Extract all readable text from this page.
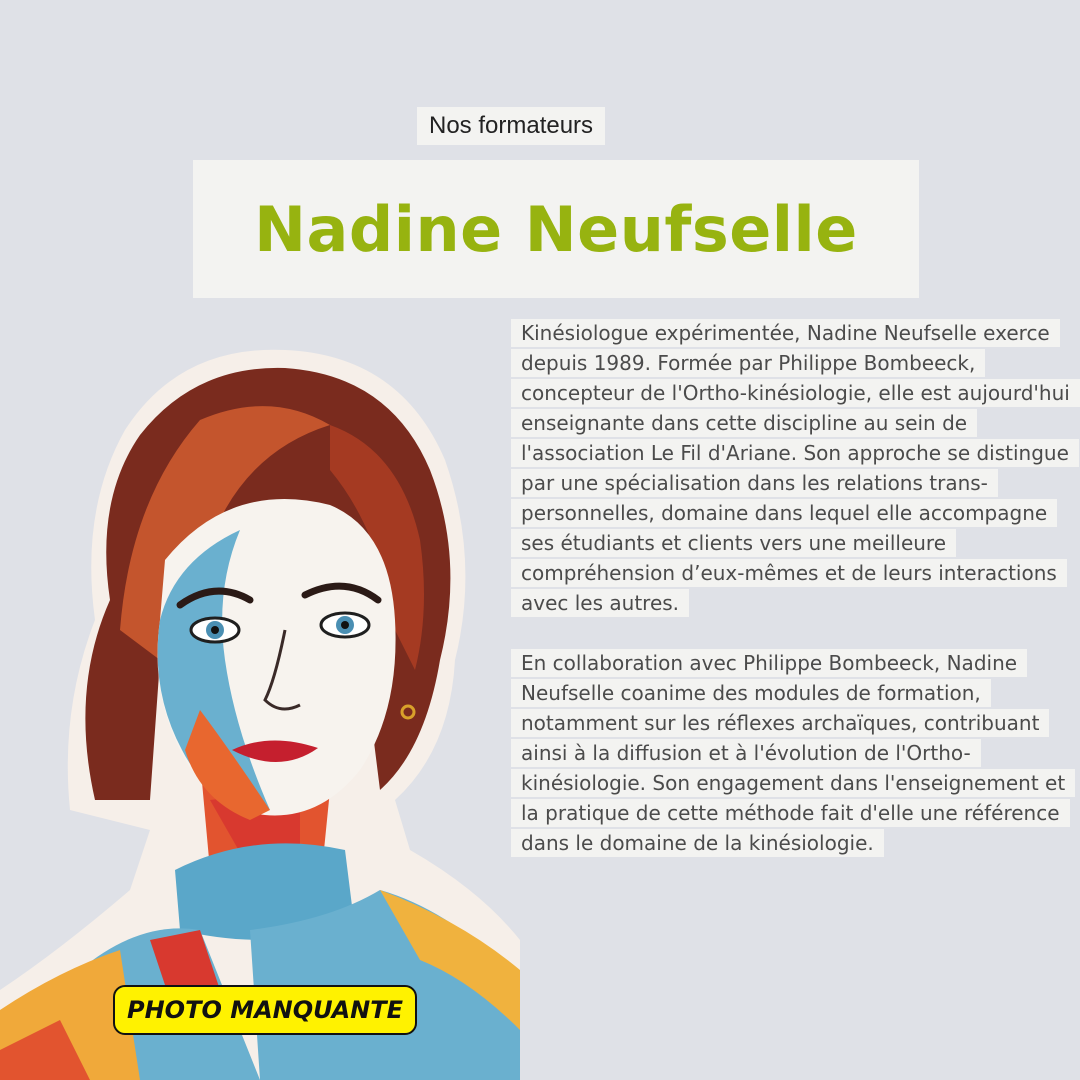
Nos formateurs
Nadine Neufselle
PHOTO MANQUANTE

Kinésiologue expérimentée, Nadine Neufselle exerce depuis 1989. Formée par Philippe Bombeeck, concepteur de l'Ortho-kinésiologie, elle est aujourd'hui enseignante dans cette discipline au sein de l'association Le Fil d'Ariane. Son approche se distingue par une spécialisation dans les relations trans-personnelles, domaine dans lequel elle accompagne ses étudiants et clients vers une meilleure compréhension d’eux-mêmes et de leurs interactions avec les autres.

En collaboration avec Philippe Bombeeck, Nadine Neufselle coanime des modules de formation, notamment sur les réflexes archaïques, contribuant ainsi à la diffusion et à l'évolution de l'Ortho-kinésiologie. Son engagement dans l'enseignement et la pratique de cette méthode fait d'elle une référence dans le domaine de la kinésiologie.
